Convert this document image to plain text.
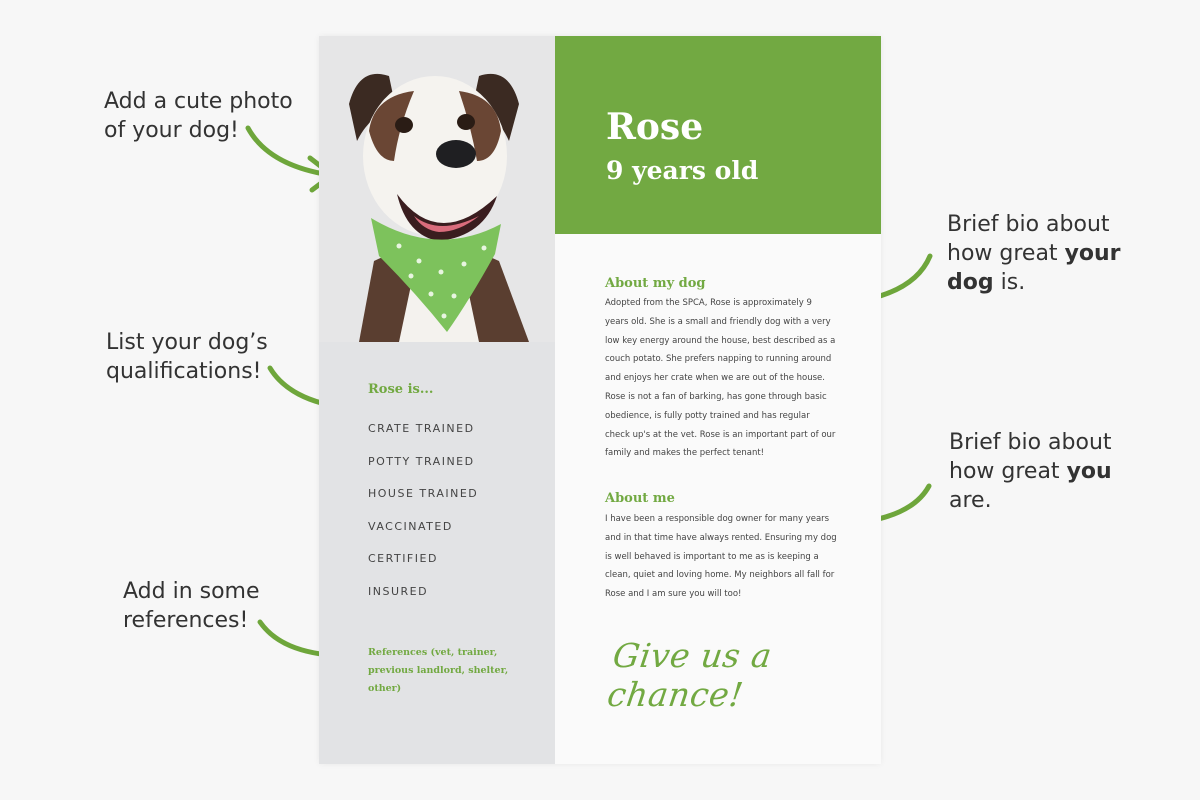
Add a cute photo
of your dog!
List your dog’s
qualifications!
Add in some
references!
Brief bio about
how great your
dog is.
Brief bio about
how great you
are.
Rose is...
CRATE TRAINED
POTTY TRAINED
HOUSE TRAINED
VACCINATED
CERTIFIED
INSURED
References (vet, trainer, previous landlord, shelter, other)
Rose
9 years old
About my dog
Adopted from the SPCA, Rose is approximately 9 years old. She is a small and friendly dog with a very low key energy around the house, best described as a couch potato. She prefers napping to running around and enjoys her crate when we are out of the house. Rose is not a fan of barking, has gone through basic obedience, is fully potty trained and has regular check up's at the vet. Rose is an important part of our family and makes the perfect tenant!
About me
I have been a responsible dog owner for many years and in that time have always rented. Ensuring my dog is well behaved is important to me as is keeping a clean, quiet and loving home. My neighbors all fall for Rose and I am sure you will too!
Give us a chance!
